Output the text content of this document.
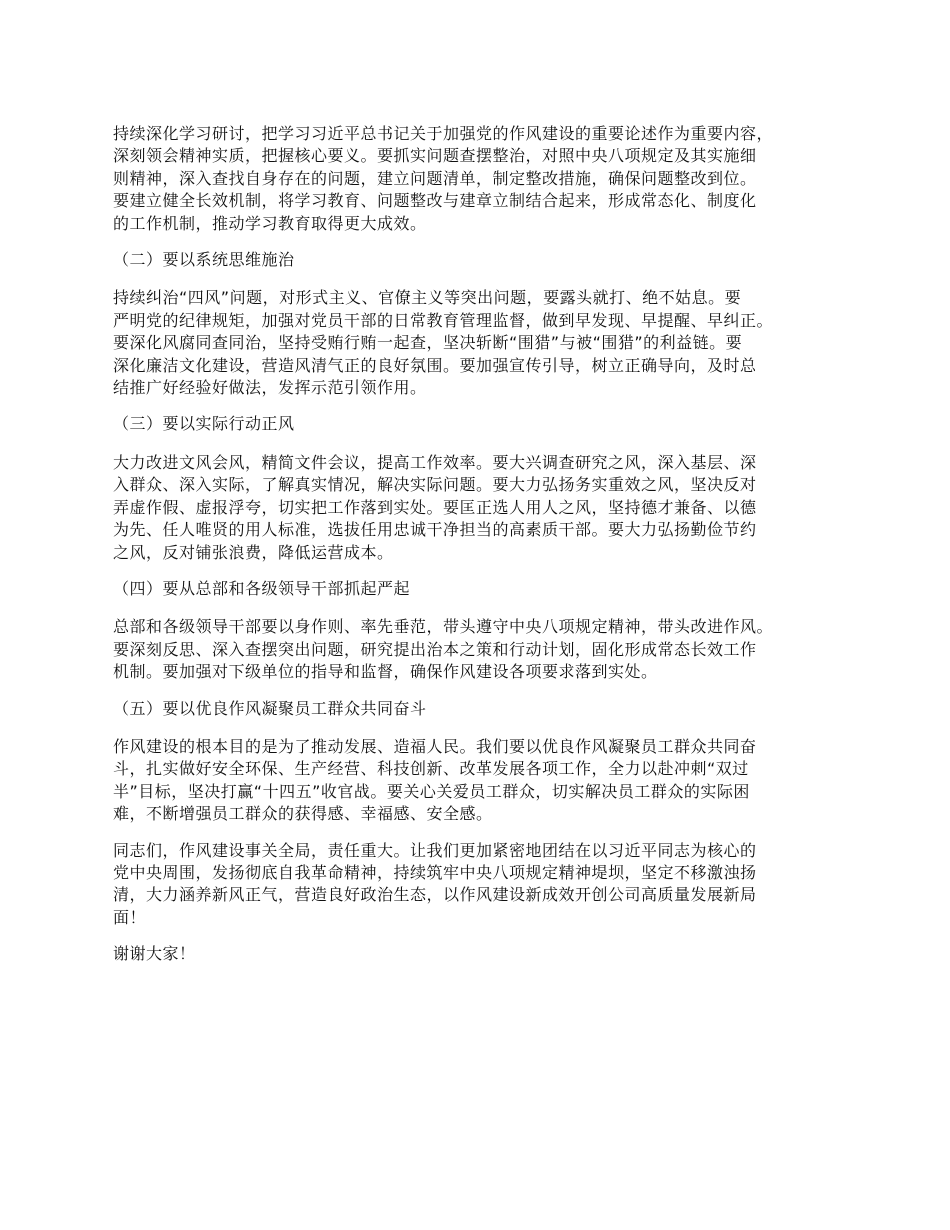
持续深化学习研讨，把学习习近平总书记关于加强党的作风建设的重要论述作为重要内容，
深刻领会精神实质，把握核心要义。要抓实问题查摆整治，对照中央八项规定及其实施细
则精神，深入查找自身存在的问题，建立问题清单，制定整改措施，确保问题整改到位。
要建立健全长效机制，将学习教育、问题整改与建章立制结合起来，形成常态化、制度化
的工作机制，推动学习教育取得更大成效。

（二）要以系统思维施治

持续纠治“四风”问题，对形式主义、官僚主义等突出问题，要露头就打、绝不姑息。要
严明党的纪律规矩，加强对党员干部的日常教育管理监督，做到早发现、早提醒、早纠正。
要深化风腐同查同治，坚持受贿行贿一起查，坚决斩断“围猎”与被“围猎”的利益链。要
深化廉洁文化建设，营造风清气正的良好氛围。要加强宣传引导，树立正确导向，及时总
结推广好经验好做法，发挥示范引领作用。

（三）要以实际行动正风

大力改进文风会风，精简文件会议，提高工作效率。要大兴调查研究之风，深入基层、深
入群众、深入实际，了解真实情况，解决实际问题。要大力弘扬务实重效之风，坚决反对
弄虚作假、虚报浮夸，切实把工作落到实处。要匡正选人用人之风，坚持德才兼备、以德
为先、任人唯贤的用人标准，选拔任用忠诚干净担当的高素质干部。要大力弘扬勤俭节约
之风，反对铺张浪费，降低运营成本。

（四）要从总部和各级领导干部抓起严起

总部和各级领导干部要以身作则、率先垂范，带头遵守中央八项规定精神，带头改进作风。
要深刻反思、深入查摆突出问题，研究提出治本之策和行动计划，固化形成常态长效工作
机制。要加强对下级单位的指导和监督，确保作风建设各项要求落到实处。

（五）要以优良作风凝聚员工群众共同奋斗

作风建设的根本目的是为了推动发展、造福人民。我们要以优良作风凝聚员工群众共同奋
斗，扎实做好安全环保、生产经营、科技创新、改革发展各项工作，全力以赴冲刺“双过
半”目标，坚决打赢“十四五”收官战。要关心关爱员工群众，切实解决员工群众的实际困
难，不断增强员工群众的获得感、幸福感、安全感。

同志们，作风建设事关全局，责任重大。让我们更加紧密地团结在以习近平同志为核心的
党中央周围，发扬彻底自我革命精神，持续筑牢中央八项规定精神堤坝，坚定不移激浊扬
清，大力涵养新风正气，营造良好政治生态，以作风建设新成效开创公司高质量发展新局
面！

谢谢大家！
